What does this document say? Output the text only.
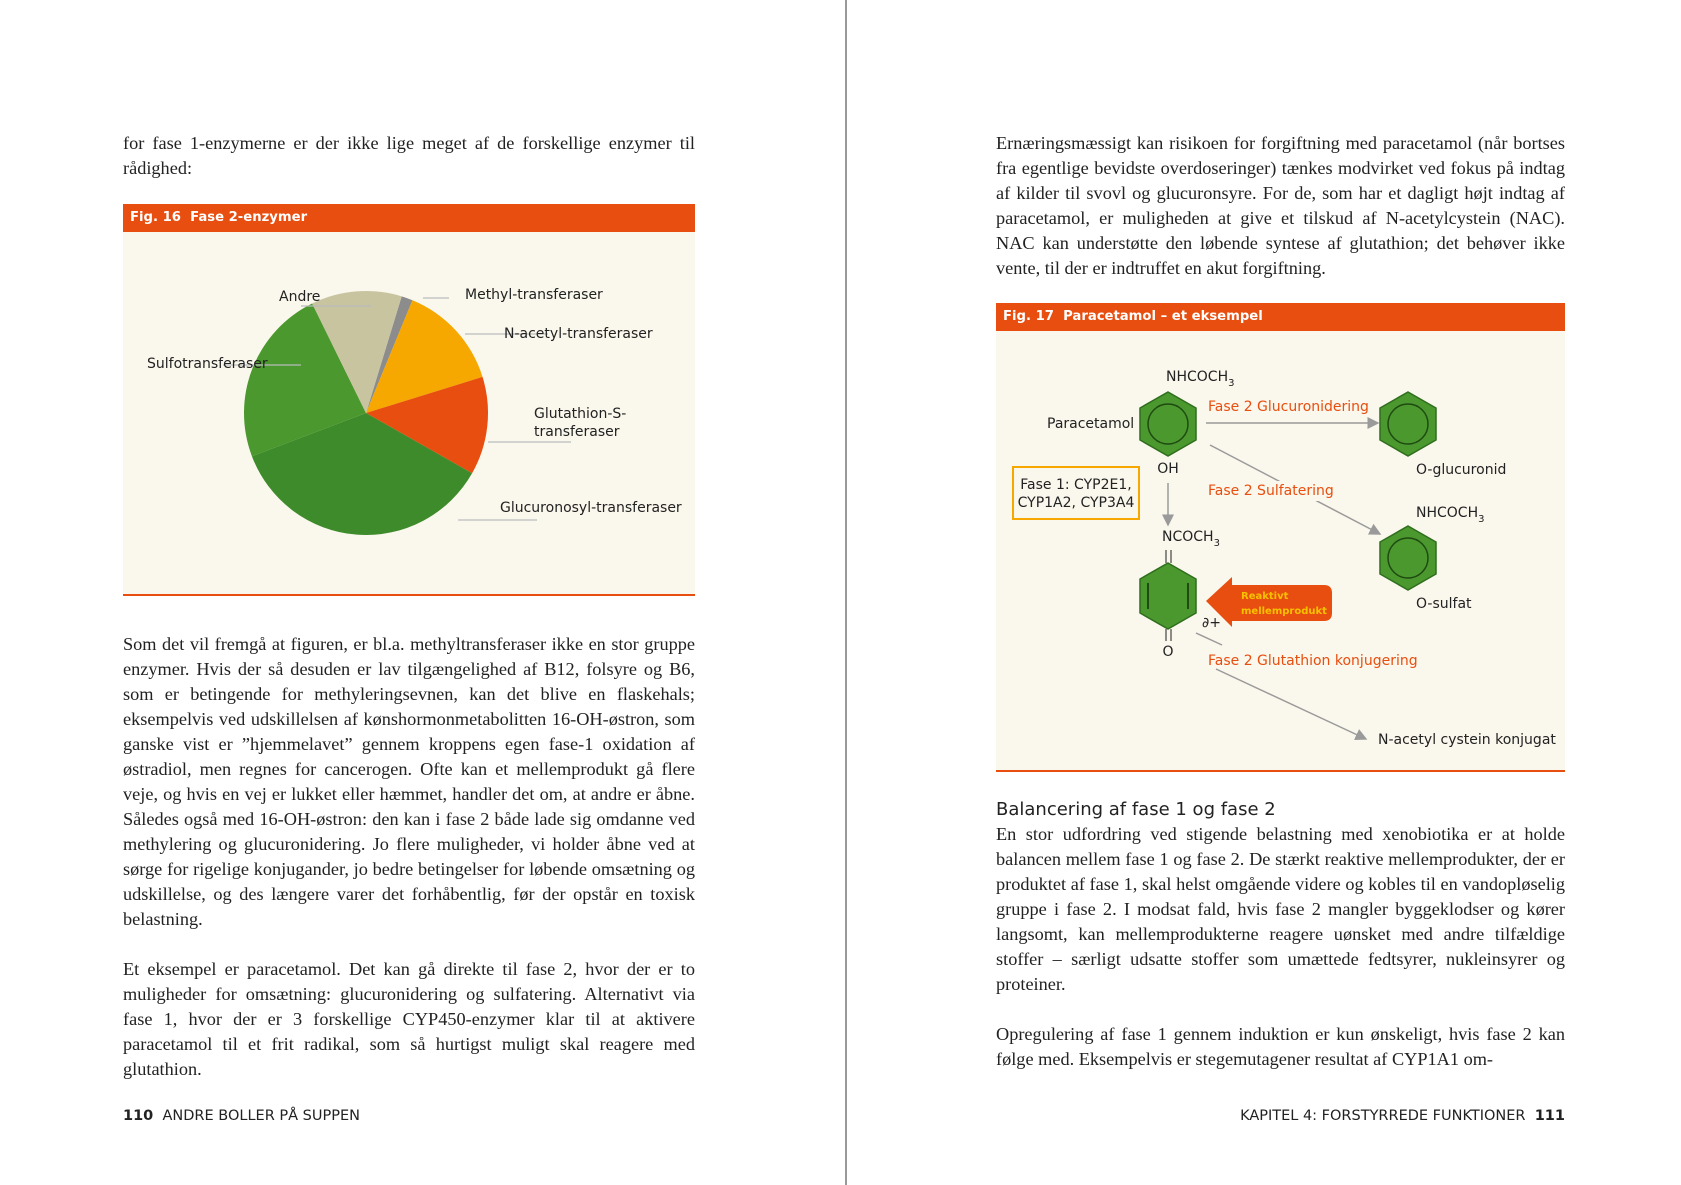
for fase 1-enzymerne er der ikke lige meget af de forskellige enzymer til rådighed:

Fig. 16 Fase 2-enzymer
Andre	Methyl-transferaser
N-acetyl-transferaser
Glutathion-S-
transferaser
Glucuronosyl-transferaser
Sulfotransferaser

Som det vil fremgå at figuren, er bl.a. methyltransferaser ikke en stor gruppe enzymer. Hvis der så desuden er lav tilgængelighed af B12, folsyre og B6, som er betingende for methyleringsevnen, kan det blive en flaskehals; eksempelvis ved udskillelsen af kønshormonmetabolitten 16-OH-østron, som ganske vist er ”hjemmelavet” gennem kroppens egen fase-1 oxidation af østradiol, men regnes for cancerogen. Ofte kan et mellemprodukt gå flere veje, og hvis en vej er lukket eller hæmmet, handler det om, at andre er åbne. Således også med 16-OH-østron: den kan i fase 2 både lade sig omdanne ved methylering og glucuronidering. Jo flere muligheder, vi holder åbne ved at sørge for rigelige konjugander, jo bedre betingelser for løbende omsætning og udskillelse, og des længere varer det forhåbentlig, før der opstår en toxisk belastning.

Et eksempel er paracetamol. Det kan gå direkte til fase 2, hvor der er to muligheder for omsætning: glucuronidering og sulfatering. Alternativt via fase 1, hvor der er 3 forskellige CYP450-enzymer klar til at aktivere paracetamol til et frit radikal, som så hurtigst muligt skal reagere med glutathion.

110 ANDRE BOLLER PÅ SUPPEN

Ernæringsmæssigt kan risikoen for forgiftning med paracetamol (når bortses fra egentlige bevidste overdoseringer) tænkes modvirket ved fokus på indtag af kilder til svovl og glucuronsyre. For de, som har et dagligt højt indtag af paracetamol, er muligheden at give et tilskud af N-acetylcystein (NAC). NAC kan understøtte den løbende syntese af glutathion; det behøver ikke vente, til der er indtruffet en akut forgiftning.

Fig. 17 Paracetamol – et eksempel
$NHCOCH_3$
Paracetamol
OH
Fase 2 Glucuronidering
O-glucuronid
Fase 2 Sulfatering
$NHCOCH_3$
O-sulfat
Fase 1: CYP2E1,
CYP1A2, CYP3A4
$NCOCH_3$
O
∂+
Reaktivt
mellemprodukt
Fase 2 Glutathion konjugering
N-acetyl cystein konjugat
Balancering af fase 1 og fase 2

En stor udfordring ved stigende belastning med xenobiotika er at holde balancen mellem fase 1 og fase 2. De stærkt reaktive mellemprodukter, der er produktet af fase 1, skal helst omgående videre og kobles til en vandopløselig gruppe i fase 2. I modsat fald, hvis fase 2 mangler byggeklodser og kører langsomt, kan mellemprodukterne reagere uønsket med andre tilfældige stoffer – særligt udsatte stoffer som umættede fedtsyrer, nukleinsyrer og proteiner.

Opregulering af fase 1 gennem induktion er kun ønskeligt, hvis fase 2 kan følge med. Eksempelvis er stegemutagener resultat af CYP1A1 om-

KAPITEL 4: FORSTYRREDE FUNKTIONER 111
